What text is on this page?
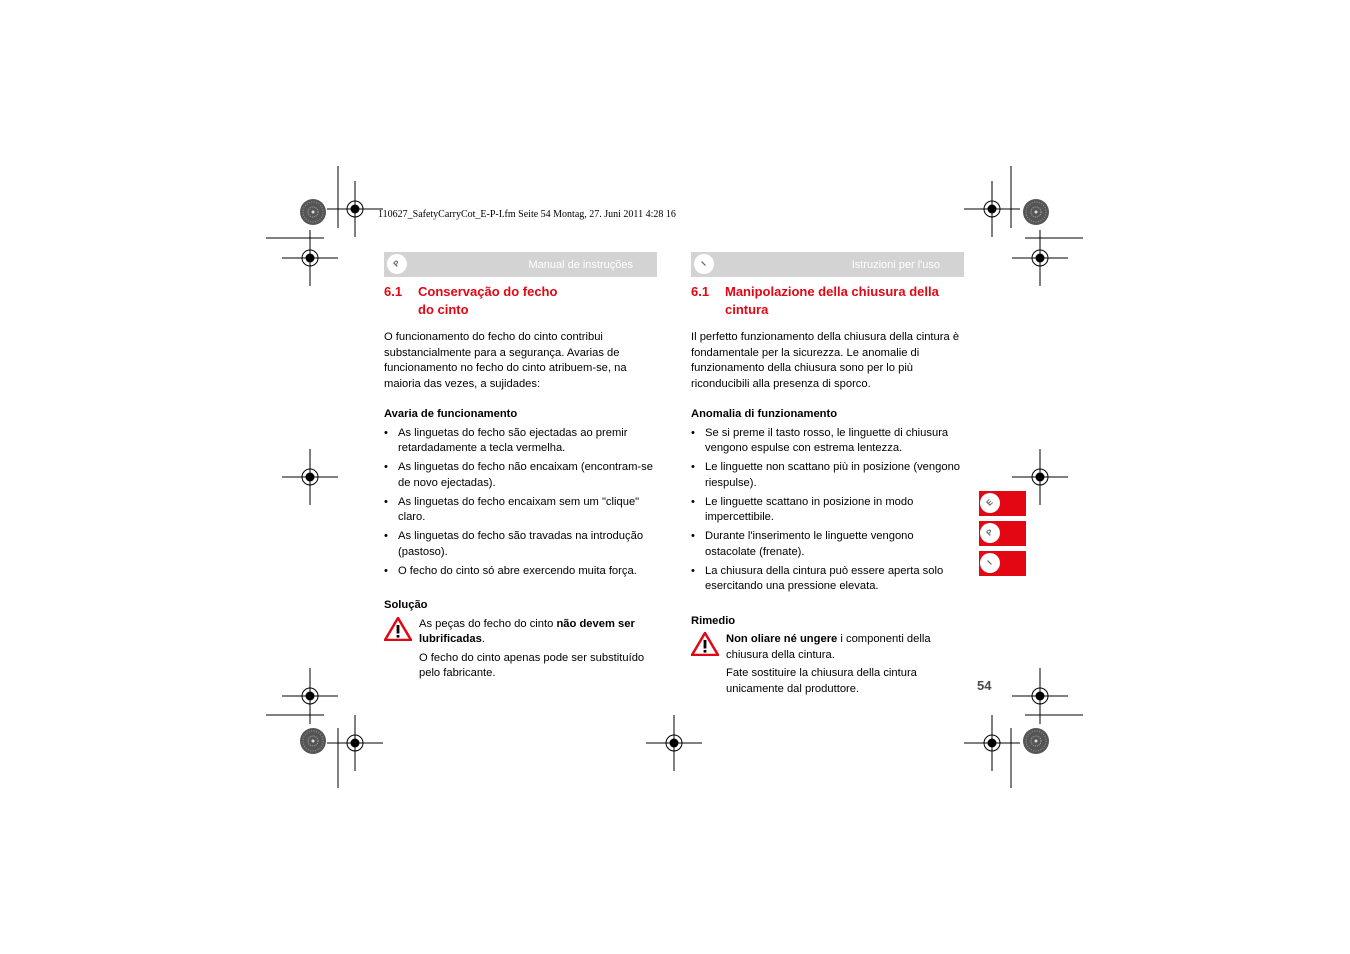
110627_SafetyCarryCot_E-P-I.fm Seite 54 Montag, 27. Juni 2011 4:28 16
P	Manual de instruções
6.1	Conservação do fecho
do cinto

O funcionamento do fecho do cinto contribui substancialmente para a segurança. Avarias de funcionamento no fecho do cinto atribuem-se, na maioria das vezes, a sujidades:

Avaria de funcionamento
• As linguetas do fecho são ejectadas ao premir retardadamente a tecla vermelha.
• As linguetas do fecho não encaixam (encontram-se de novo ejectadas).
• As linguetas do fecho encaixam sem um "clique" claro.
• As linguetas do fecho são travadas na introdução (pastoso).
• O fecho do cinto só abre exercendo muita força.
Solução
As peças do fecho do cinto não devem ser lubrificadas.
O fecho do cinto apenas pode ser substituído pelo fabricante.
I	Istruzioni per l'uso
6.1	Manipolazione della chiusura della
cintura

Il perfetto funzionamento della chiusura della cintura è fondamentale per la sicurezza. Le anomalie di funzionamento della chiusura sono per lo più riconducibili alla presenza di sporco.

Anomalia di funzionamento
• Se si preme il tasto rosso, le linguette di chiusura vengono espulse con estrema lentezza.
• Le linguette non scattano più in posizione (vengono riespulse).
• Le linguette scattano in posizione in modo impercettibile.
• Durante l'inserimento le linguette vengono ostacolate (frenate).
• La chiusura della cintura può essere aperta solo esercitando una pressione elevata.
Rimedio
Non oliare né ungere i componenti della chiusura della cintura.
Fate sostituire la chiusura della cintura unicamente dal produttore.
E
P
I
54
